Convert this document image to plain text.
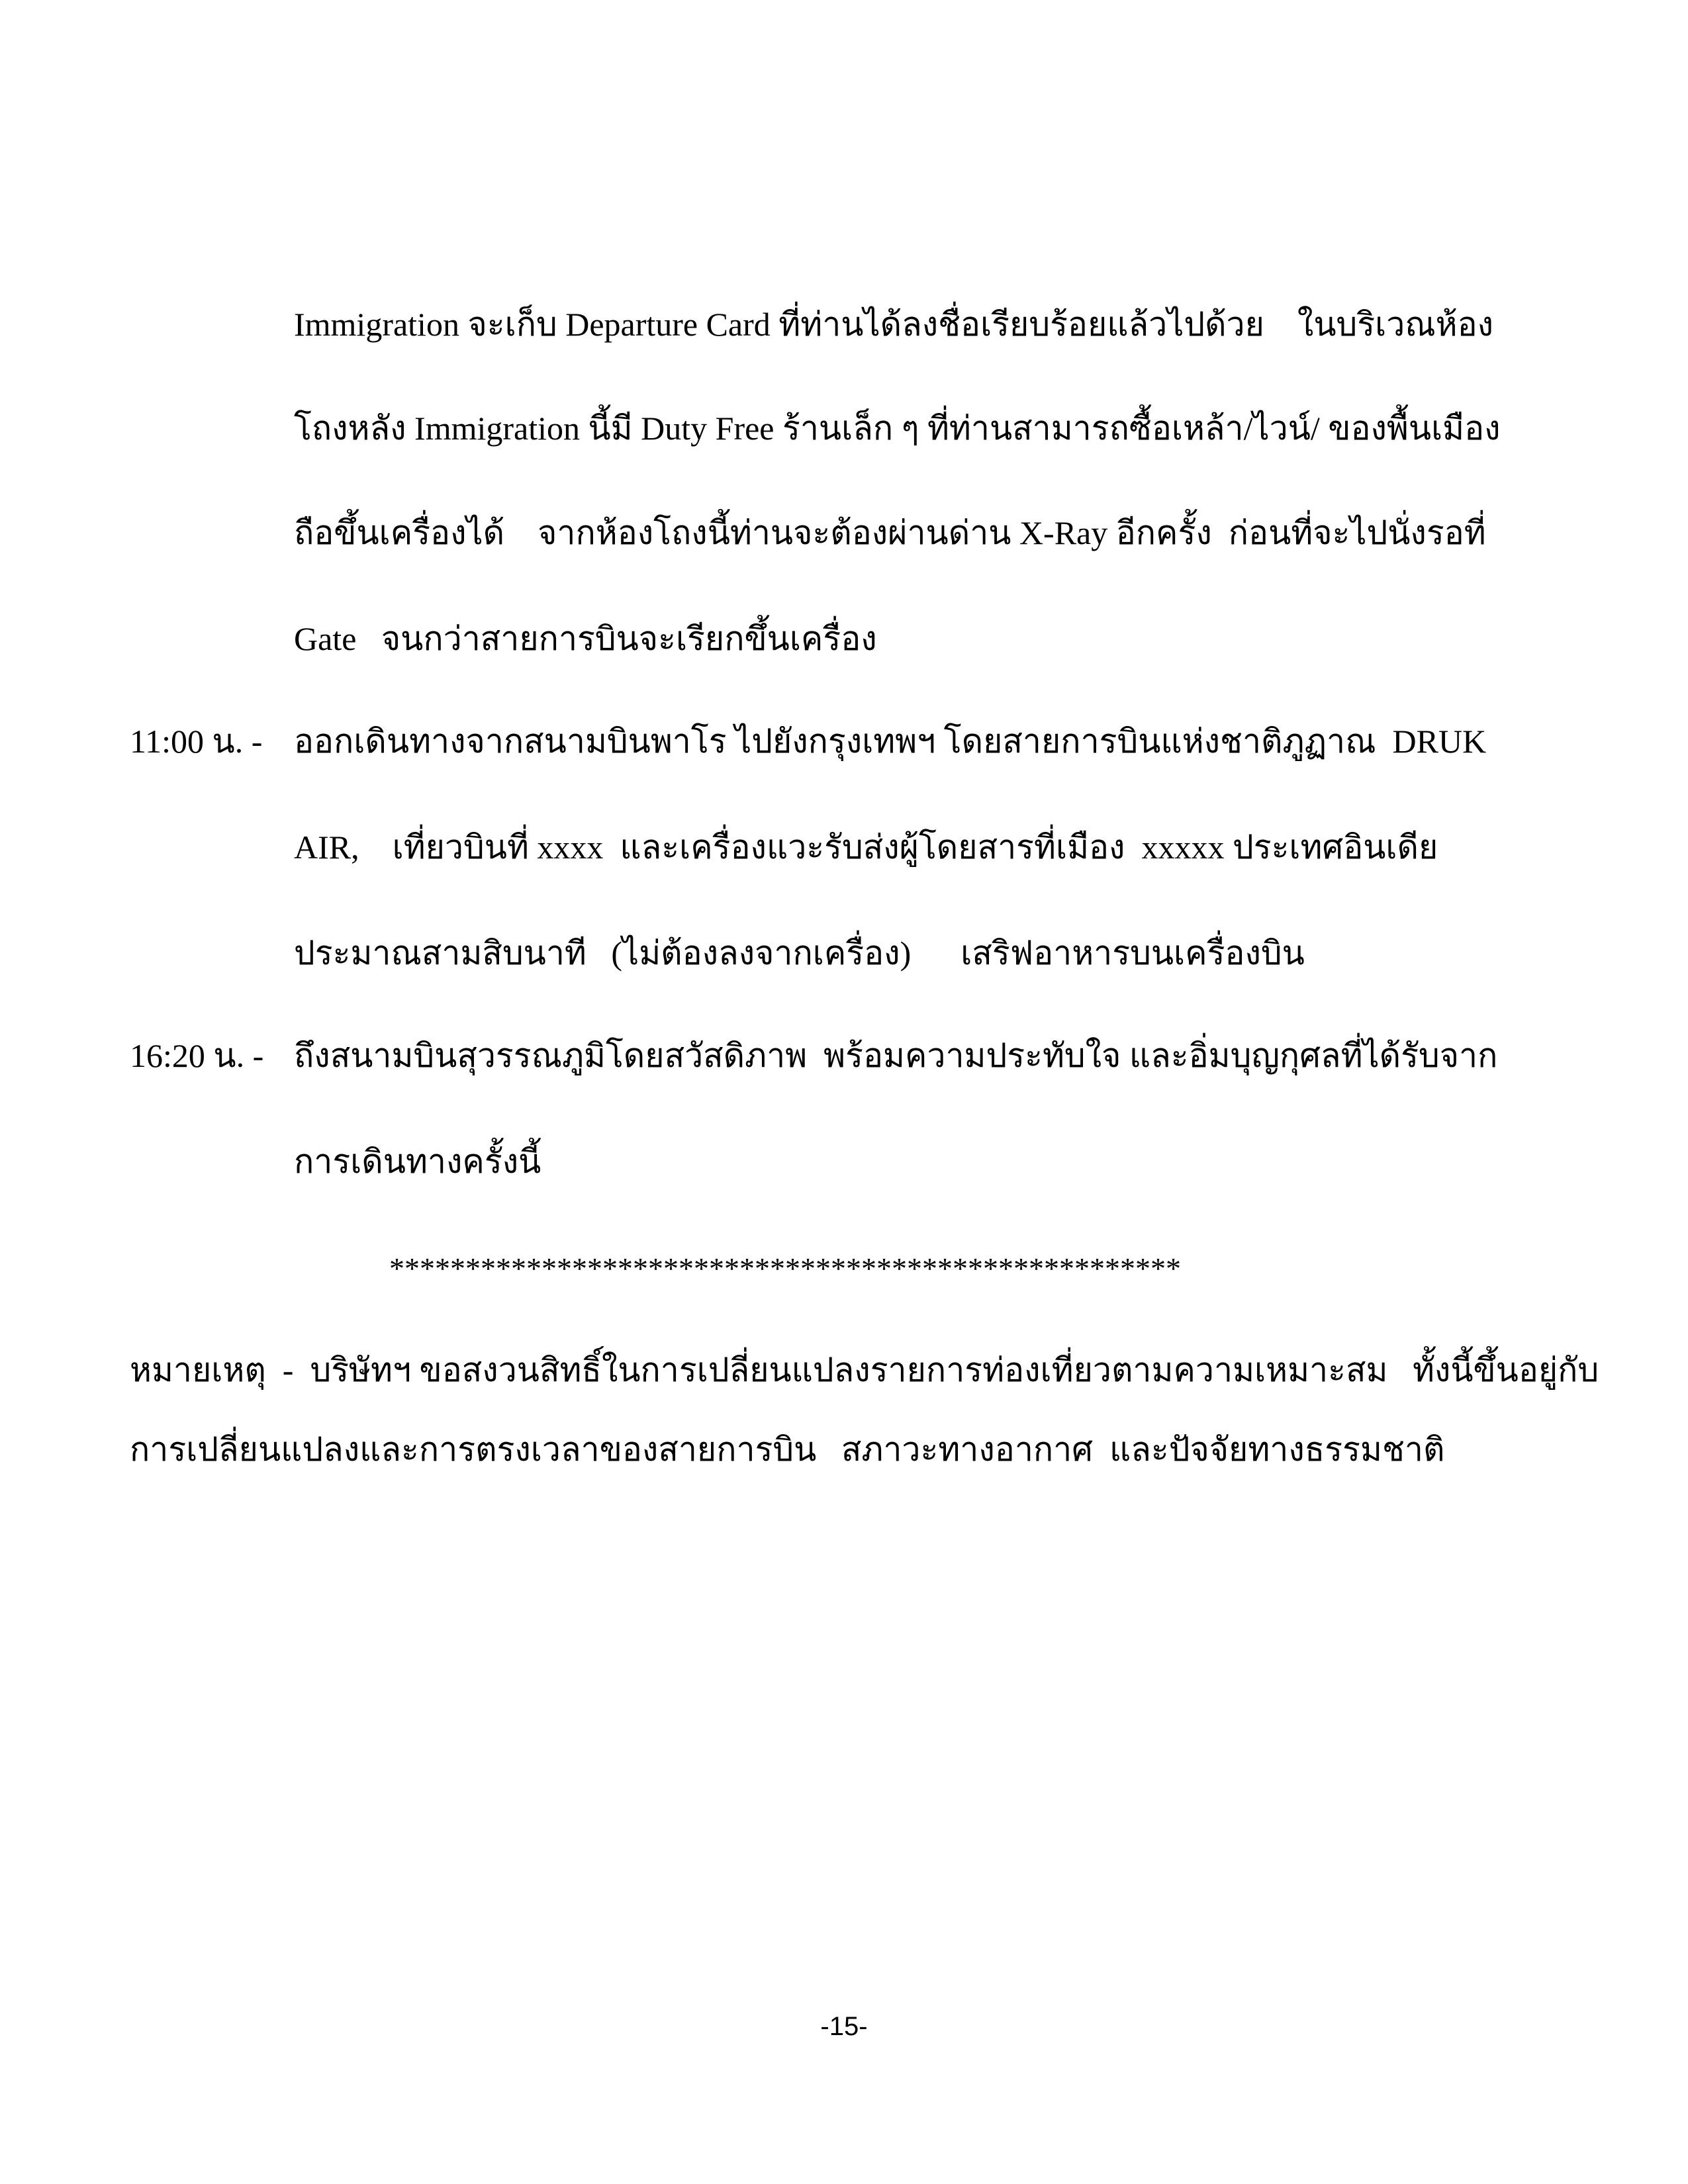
Immigration จะเก็บ Departure Card ที่ท่านได้ลงชื่อเรียบร้อยแล้วไปด้วย    ในบริเวณห้อง
โถงหลัง Immigration นี้มี Duty Free ร้านเล็ก ๆ ที่ท่านสามารถซื้อเหล้า/ไวน์/ ของพื้นเมือง
ถือขึ้นเครื่องได้    จากห้องโถงนี้ท่านจะต้องผ่านด่าน X-Ray อีกครั้ง  ก่อนที่จะไปนั่งรอที่
Gate   จนกว่าสายการบินจะเรียกขึ้นเครื่อง
11:00 น. - ออกเดินทางจากสนามบินพาโร ไปยังกรุงเทพฯ โดยสายการบินแห่งชาติภูฏาณ  DRUK
AIR,    เที่ยวบินที่ xxxx  และเครื่องแวะรับส่งผู้โดยสารที่เมือง  xxxxx ประเทศอินเดีย
ประมาณสามสิบนาที   (ไม่ต้องลงจากเครื่อง)      เสริฟอาหารบนเครื่องบิน
16:20 น. - ถึงสนามบินสุวรรณภูมิโดยสวัสดิภาพ  พร้อมความประทับใจ และอิ่มบุญกุศลที่ได้รับจาก
การเดินทางครั้งนี้
****************************************************
หมายเหตุ  -  บริษัทฯ ขอสงวนสิทธิ์ในการเปลี่ยนแปลงรายการท่องเที่ยวตามความเหมาะสม   ทั้งนี้ขึ้นอยู่กับ
การเปลี่ยนแปลงและการตรงเวลาของสายการบิน   สภาวะทางอากาศ  และปัจจัยทางธรรมชาติ
-15-
